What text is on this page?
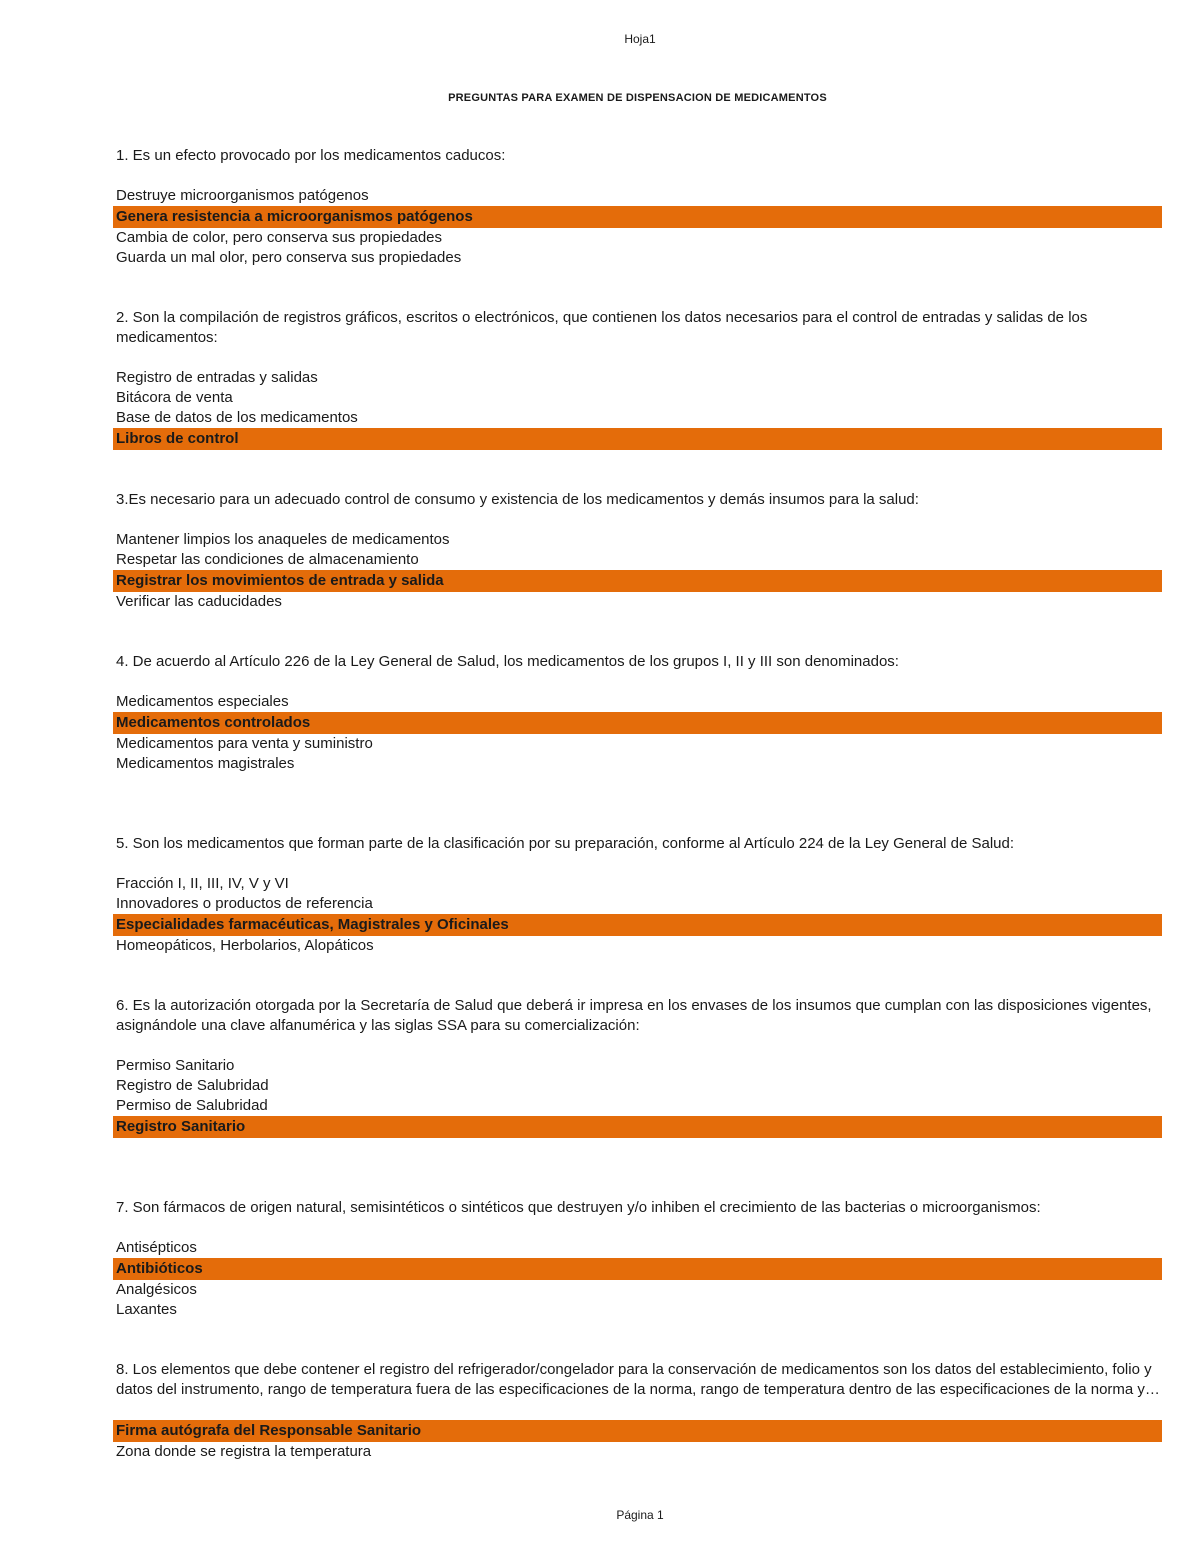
Hoja1
PREGUNTAS PARA EXAMEN DE DISPENSACION DE MEDICAMENTOS

1. Es un efecto provocado por los medicamentos caducos:

Destruye microorganismos patógenos
Genera resistencia a microorganismos patógenos
Cambia de color, pero conserva sus propiedades
Guarda un mal olor, pero conserva sus propiedades

2. Son la compilación de registros gráficos, escritos o electrónicos, que contienen los datos necesarios para el control de entradas y salidas de los medicamentos:

Registro de entradas y salidas
Bitácora de venta
Base de datos de los medicamentos
Libros de control

3.Es necesario para un adecuado control de consumo y existencia de los medicamentos y demás insumos para la salud:

Mantener limpios los anaqueles de medicamentos
Respetar las condiciones de almacenamiento
Registrar los movimientos de entrada y salida
Verificar las caducidades

4. De acuerdo al Artículo 226 de la Ley General de Salud, los medicamentos de los grupos I, II y III son denominados:

Medicamentos especiales
Medicamentos controlados
Medicamentos para venta y suministro
Medicamentos magistrales

5. Son los medicamentos que forman parte de la clasificación por su preparación, conforme al Artículo 224 de la Ley General de Salud:

Fracción I, II, III, IV, V y VI
Innovadores o productos de referencia
Especialidades farmacéuticas, Magistrales y Oficinales
Homeopáticos, Herbolarios, Alopáticos

6. Es la autorización otorgada por la Secretaría de Salud que deberá ir impresa en los envases de los insumos que cumplan con las disposiciones vigentes, asignándole una clave alfanumérica y las siglas SSA para su comercialización:

Permiso Sanitario
Registro de Salubridad
Permiso de Salubridad
Registro Sanitario

7. Son fármacos de origen natural, semisintéticos o sintéticos que destruyen y/o inhiben el crecimiento de las bacterias o microorganismos:

Antisépticos
Antibióticos
Analgésicos
Laxantes

8. Los elementos que debe contener el registro del refrigerador/congelador para la conservación de medicamentos son los datos del establecimiento, folio y datos del instrumento, rango de temperatura fuera de las especificaciones de la norma, rango de temperatura dentro de las especificaciones de la norma y…

Firma autógrafa del Responsable Sanitario
Zona donde se registra la temperatura
Página 1
